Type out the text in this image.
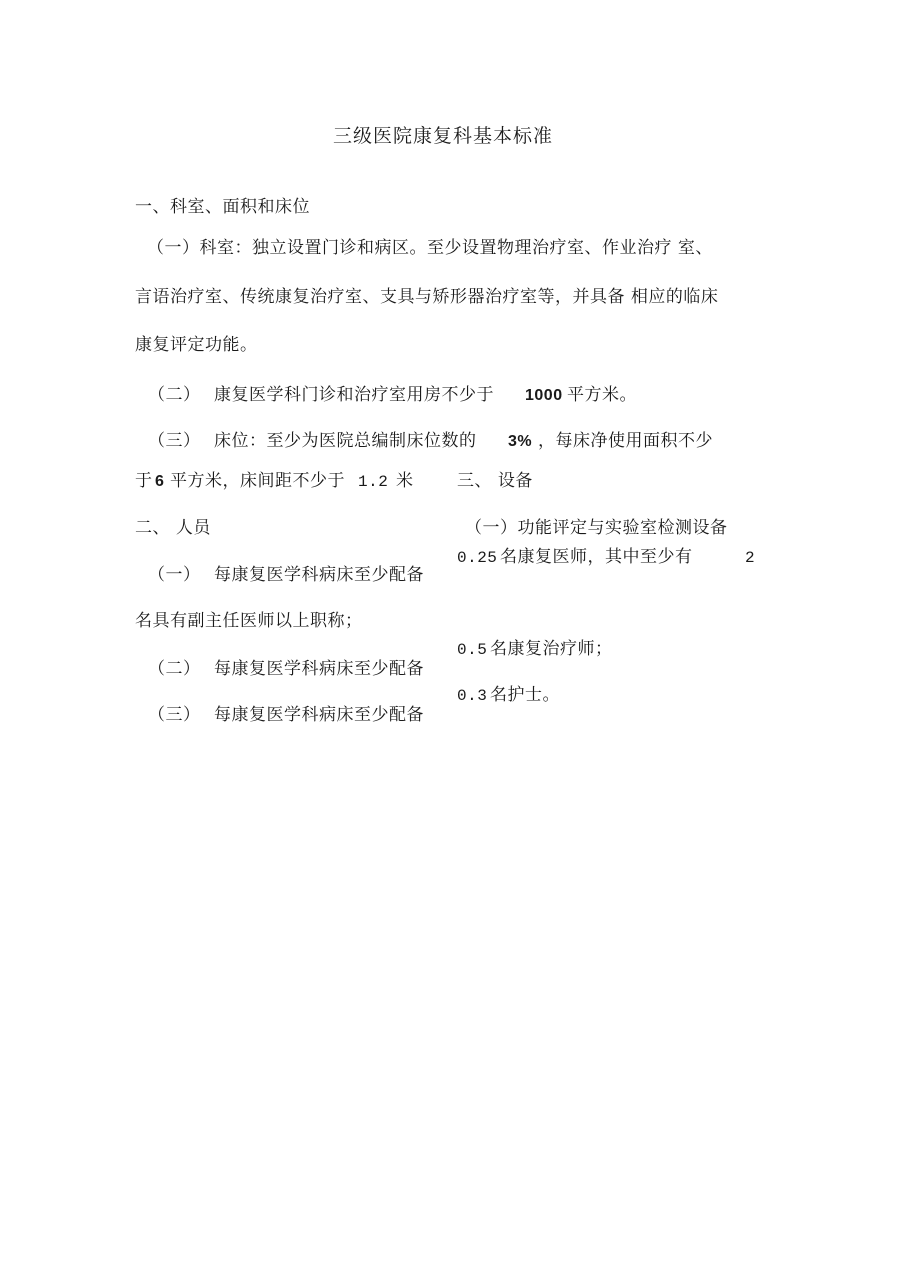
三级医院康复科基本标准
一、科室、面积和床位
（一）科室：独立设置门诊和病区。至少设置物理治疗室、作业治疗 室、
言语治疗室、传统康复治疗室、支具与矫形器治疗室等，并具备 相应的临床
康复评定功能。
（二） 康复医学科门诊和治疗室用房不少于 1000 平方米。
（三） 床位：至少为医院总编制床位数的 3% ，每床净使用面积不少
于 6 平方米，床间距不少于 1.2 米	三、 设备
（一）功能评定与实验室检测设备
二、 人员
0.25 名康复医师，其中至少有	2
（一） 每康复医学科病床至少配备
名具有副主任医师以上职称；
0.5 名康复治疗师；
（二） 每康复医学科病床至少配备
0.3 名护士。
（三） 每康复医学科病床至少配备
